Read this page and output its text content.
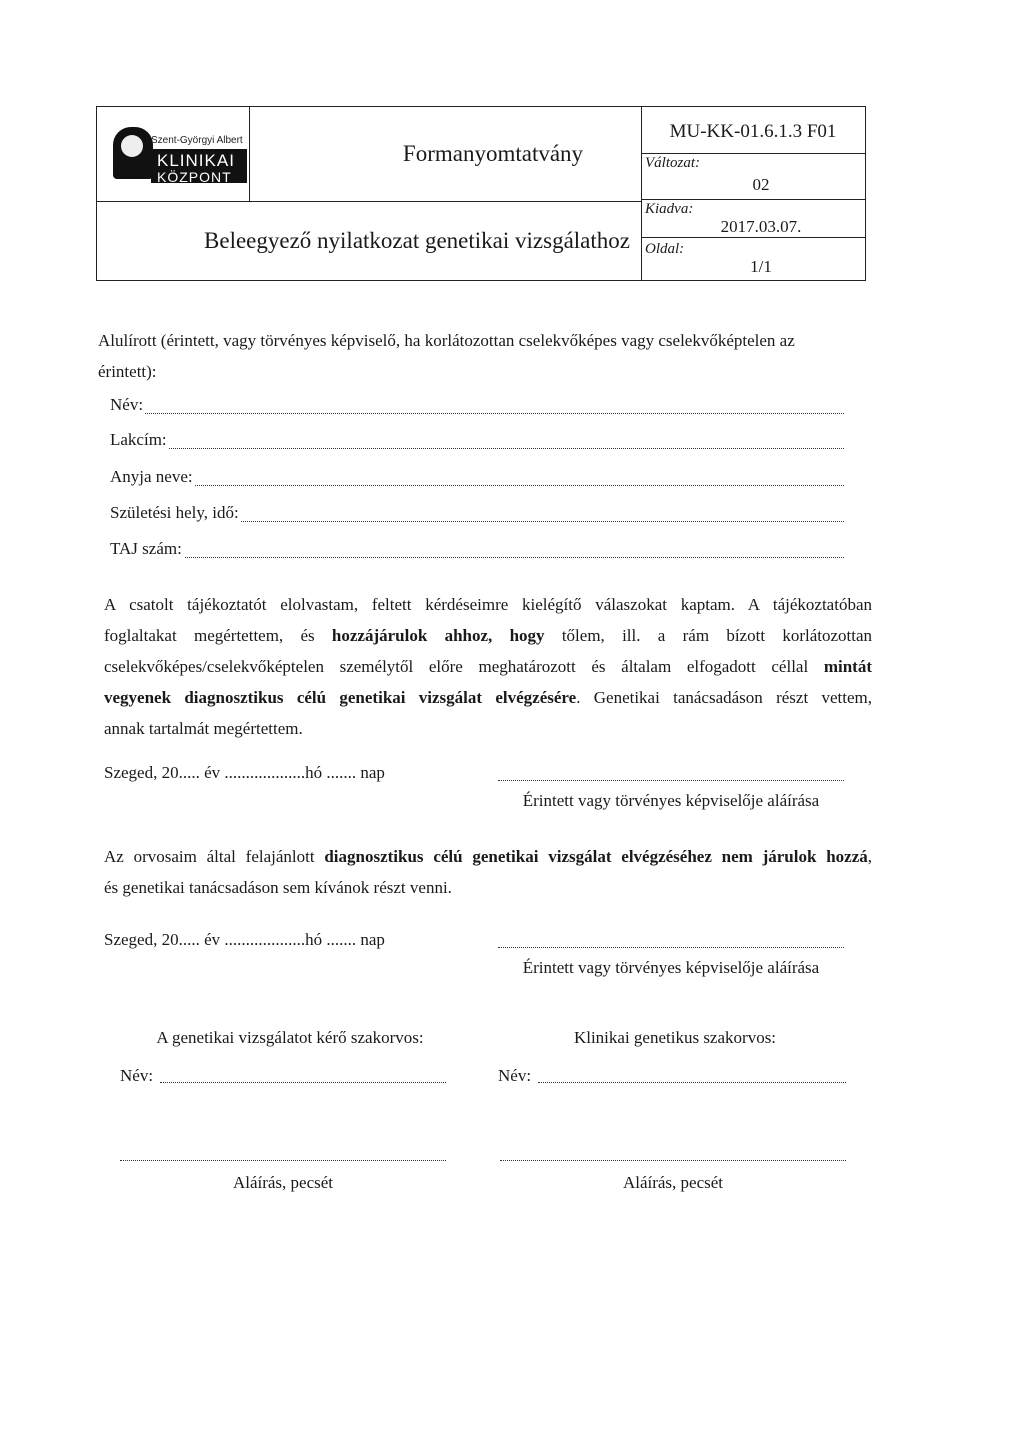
Szent-Györgyi Albert
KLINIKAI
KÖZPONT
Formanyomtatvány
Beleegyező nyilatkozat genetikai vizsgálathoz
MU-KK-01.6.1.3 F01
Változat:
02
Kiadva:
2017.03.07.
Oldal:
1/1
Alulírott (érintett, vagy törvényes képviselő, ha korlátozottan cselekvőképes vagy cselekvőképtelen az
érintett):
Név:
Lakcím:
Anyja neve:
Születési hely, idő:
TAJ szám:
A csatolt tájékoztatót elolvastam, feltett kérdéseimre kielégítő válaszokat kaptam. A tájékoztatóban
foglaltakat megértettem, és hozzájárulok ahhoz, hogy tőlem, ill. a rám bízott korlátozottan
cselekvőképes/cselekvőképtelen személytől előre meghatározott és általam elfogadott céllal mintát
vegyenek diagnosztikus célú genetikai vizsgálat elvégzésére. Genetikai tanácsadáson részt vettem,
annak tartalmát megértettem.
Szeged, 20..... év ...................hó ....... nap
Érintett vagy törvényes képviselője aláírása
Az orvosaim által felajánlott diagnosztikus célú genetikai vizsgálat elvégzéséhez nem járulok hozzá,
és genetikai tanácsadáson sem kívánok részt venni.
Szeged, 20..... év ...................hó ....... nap
Érintett vagy törvényes képviselője aláírása
A genetikai vizsgálatot kérő szakorvos:	Klinikai genetikus szakorvos:
Név:	Név:
Aláírás, pecsét	Aláírás, pecsét
